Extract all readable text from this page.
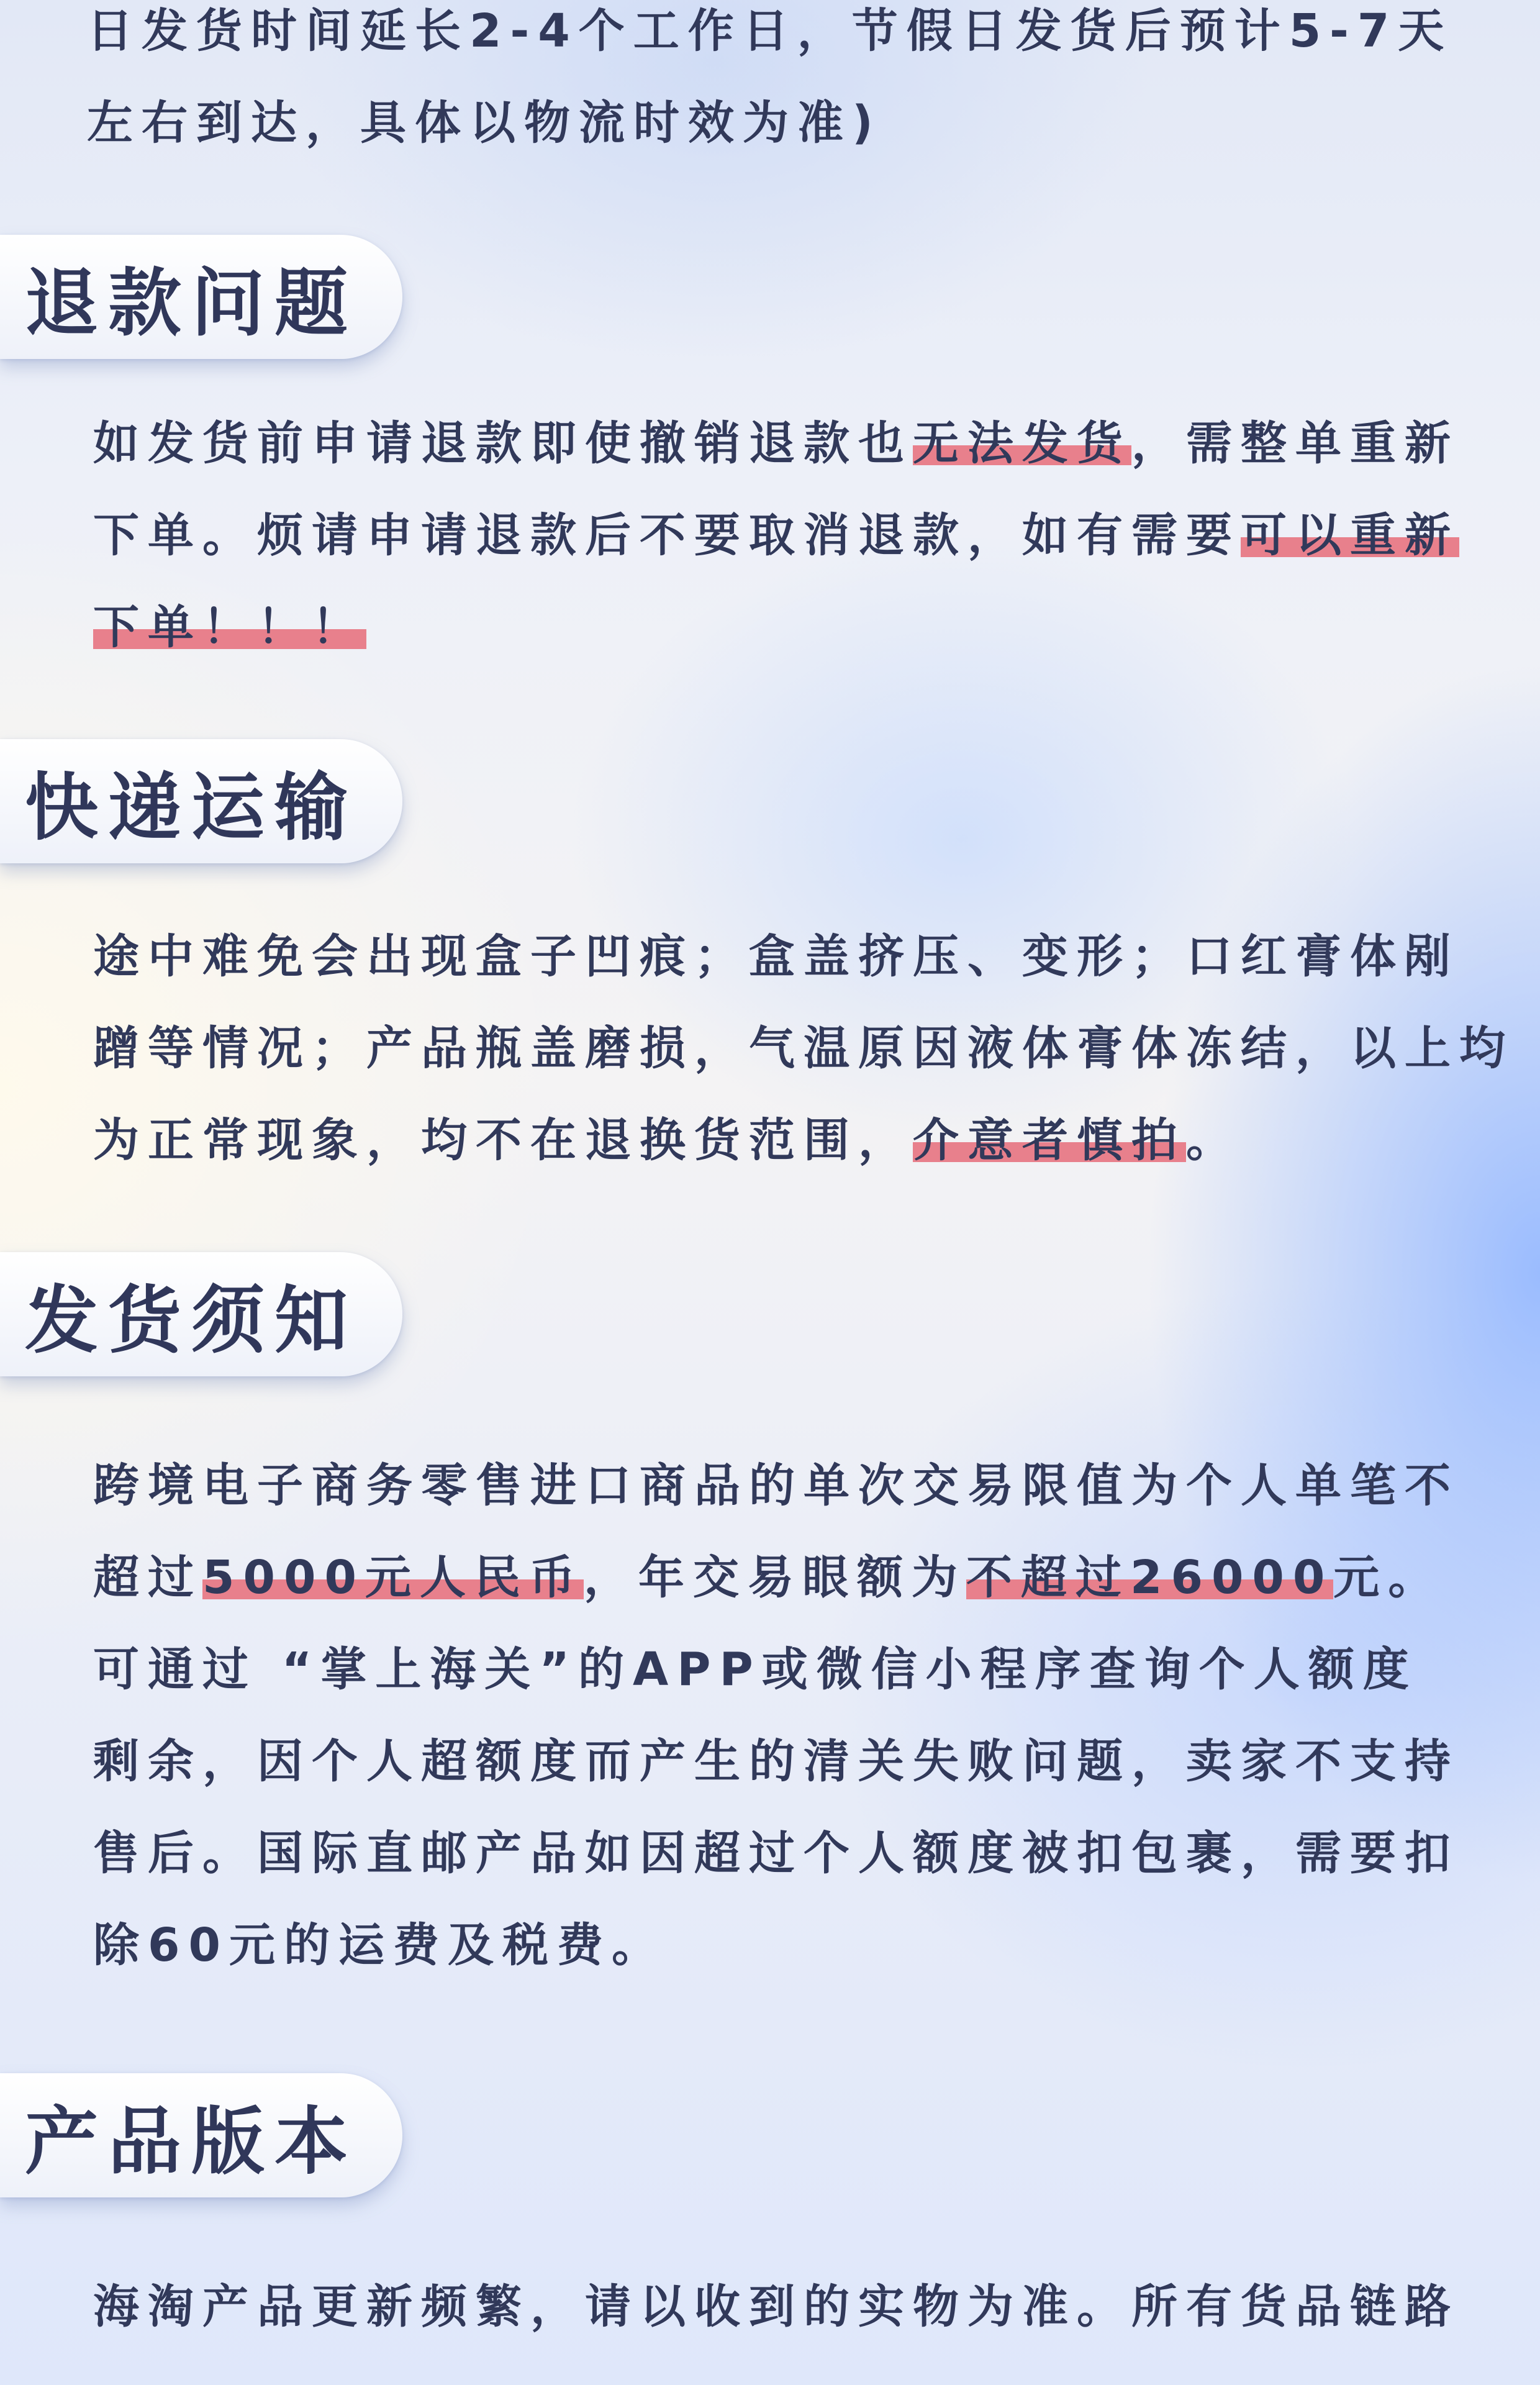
日发货时间延长2-4个工作日，节假日发货后预计5-7天
左右到达，具体以物流时效为准)

退款问题

如发货前申请退款即使撤销退款也无法发货，需整单重新
下单。烦请申请退款后不要取消退款，如有需要可以重新
下单！！！

快递运输

途中难免会出现盒子凹痕；盒盖挤压、变形；口红膏体剐
蹭等情况；产品瓶盖磨损，气温原因液体膏体冻结，以上均
为正常现象，均不在退换货范围，介意者慎拍。

发货须知

跨境电子商务零售进口商品的单次交易限值为个人单笔不
超过5000元人民币，年交易眼额为不超过26000元。
可通过 “掌上海关”的APP或微信小程序查询个人额度
剩余，因个人超额度而产生的清关失败问题，卖家不支持
售后。国际直邮产品如因超过个人额度被扣包裹，需要扣
除60元的运费及税费。

产品版本

海淘产品更新频繁，请以收到的实物为准。所有货品链路
